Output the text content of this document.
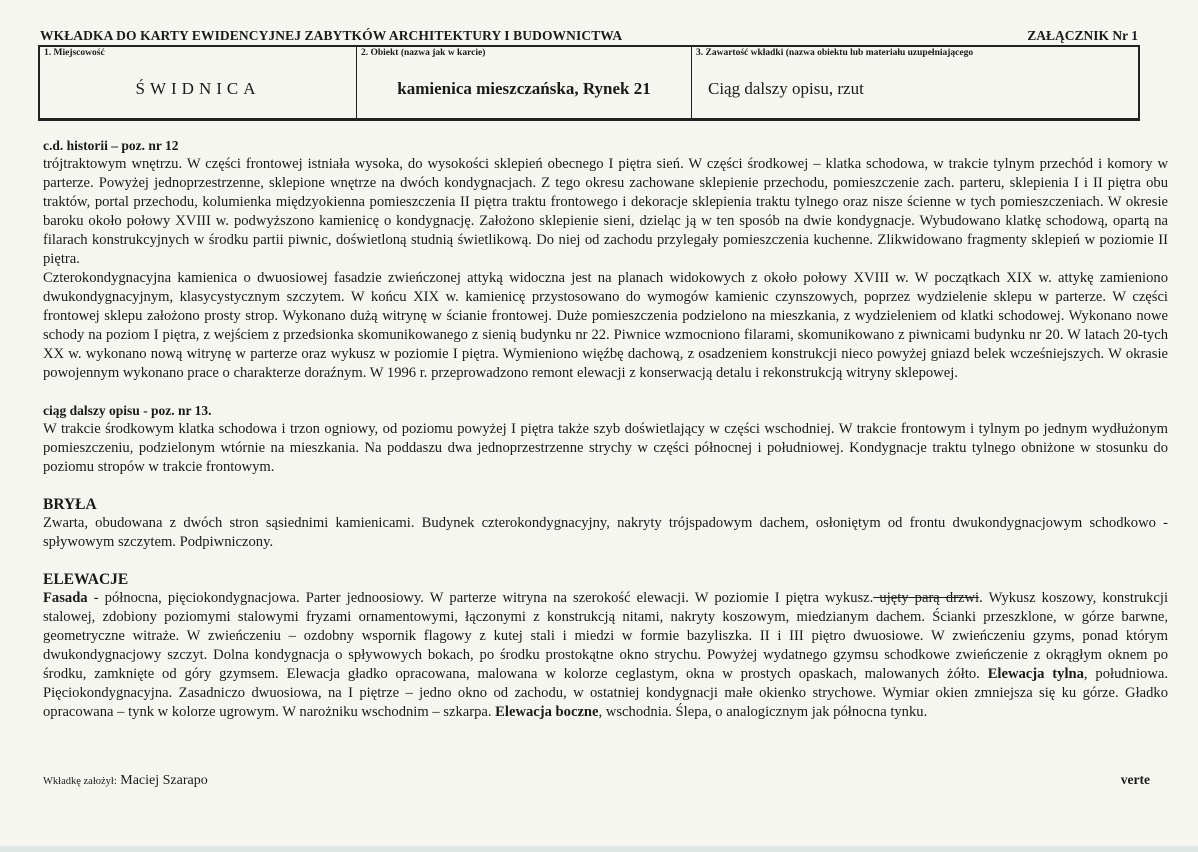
WKŁADKA DO KARTY EWIDENCYJNEJ ZABYTKÓW ARCHITEKTURY I BUDOWNICTWA	ZAŁĄCZNIK Nr 1
1. Miejscowość
ŚWIDNICA
2. Obiekt (nazwa jak w karcie)
kamienica mieszczańska, Rynek 21
3. Zawartość wkładki (nazwa obiektu lub materiału uzupełniającego
Ciąg dalszy opisu, rzut
c.d. historii – poz. nr 12

trójtraktowym wnętrzu. W części frontowej istniała wysoka, do wysokości sklepień obecnego I piętra sień. W części środkowej – klatka schodowa, w trakcie tylnym przechód i komory w parterze. Powyżej jednoprzestrzenne, sklepione wnętrze na dwóch kondygnacjach. Z tego okresu zachowane sklepienie przechodu, pomieszczenie zach. parteru, sklepienia I i II piętra obu traktów, portal przechodu, kolumienka międzyokienna pomieszczenia II piętra traktu frontowego i dekoracje sklepienia traktu tylnego oraz nisze ścienne w tych pomieszczeniach. W okresie baroku około połowy XVIII w. podwyższono kamienicę o kondygnację. Założono sklepienie sieni, dzieląc ją w ten sposób na dwie kondygnacje. Wybudowano klatkę schodową, opartą na filarach konstrukcyjnych w środku partii piwnic, doświetloną studnią świetlikową. Do niej od zachodu przylegały pomieszczenia kuchenne. Zlikwidowano fragmenty sklepień w poziomie II piętra.

Czterokondygnacyjna kamienica o dwuosiowej fasadzie zwieńczonej attyką widoczna jest na planach widokowych z około połowy XVIII w. W początkach XIX w. attykę zamieniono dwukondygnacyjnym, klasycystycznym szczytem. W końcu XIX w. kamienicę przystosowano do wymogów kamienic czynszowych, poprzez wydzielenie sklepu w parterze. W części frontowej sklepu założono prosty strop. Wykonano dużą witrynę w ścianie frontowej. Duże pomieszczenia podzielono na mieszkania, z wydzieleniem od klatki schodowej. Wykonano nowe schody na poziom I piętra, z wejściem z przedsionka skomunikowanego z sienią budynku nr 22. Piwnice wzmocniono filarami, skomunikowano z piwnicami budynku nr 20. W latach 20-tych XX w. wykonano nową witrynę w parterze oraz wykusz w poziomie I piętra. Wymieniono więźbę dachową, z osadzeniem konstrukcji nieco powyżej gniazd belek wcześniejszych. W okrasie powojennym wykonano prace o charakterze doraźnym. W 1996 r. przeprowadzono remont elewacji z konserwacją detalu i rekonstrukcją witryny sklepowej.

ciąg dalszy opisu - poz. nr 13.

W trakcie środkowym klatka schodowa i trzon ogniowy, od poziomu powyżej I piętra także szyb doświetlający w części wschodniej. W trakcie frontowym i tylnym po jednym wydłużonym pomieszczeniu, podzielonym wtórnie na mieszkania. Na poddaszu dwa jednoprzestrzenne strychy w części północnej i południowej. Kondygnacje traktu tylnego obniżone w stosunku do poziomu stropów w trakcie frontowym.

BRYŁA

Zwarta, obudowana z dwóch stron sąsiednimi kamienicami. Budynek czterokondygnacyjny, nakryty trójspadowym dachem, osłoniętym od frontu dwukondygnacjowym schodkowo - spływowym szczytem. Podpiwniczony.

ELEWACJE

Fasada - północna, pięciokondygnacjowa. Parter jednoosiowy. W parterze witryna na szerokość elewacji. W poziomie I piętra wykusz. ujęty parą drzwi. Wykusz koszowy, konstrukcji stalowej, zdobiony poziomymi stalowymi fryzami ornamentowymi, łączonymi z konstrukcją nitami, nakryty koszowym, miedzianym dachem. Ścianki przeszklone, w górze barwne, geometryczne witraże. W zwieńczeniu – ozdobny wspornik flagowy z kutej stali i miedzi w formie bazyliszka. II i III piętro dwuosiowe. W zwieńczeniu gzyms, ponad którym dwukondygnacjowy szczyt. Dolna kondygnacja o spływowych bokach, po środku prostokątne okno strychu. Powyżej wydatnego gzymsu schodkowe zwieńczenie z okrągłym oknem po środku, zamknięte od góry gzymsem. Elewacja gładko opracowana, malowana w kolorze ceglastym, okna w prostych opaskach, malowanych żółto. Elewacja tylna, południowa. Pięciokondygnacyjna. Zasadniczo dwuosiowa, na I piętrze – jedno okno od zachodu, w ostatniej kondygnacji małe okienko strychowe. Wymiar okien zmniejsza się ku górze. Gładko opracowana – tynk w kolorze ugrowym. W narożniku wschodnim – szkarpa. Elewacja boczne, wschodnia. Ślepa, o analogicznym jak północna tynku.

Wkładkę założył: Maciej Szarapo	verte
